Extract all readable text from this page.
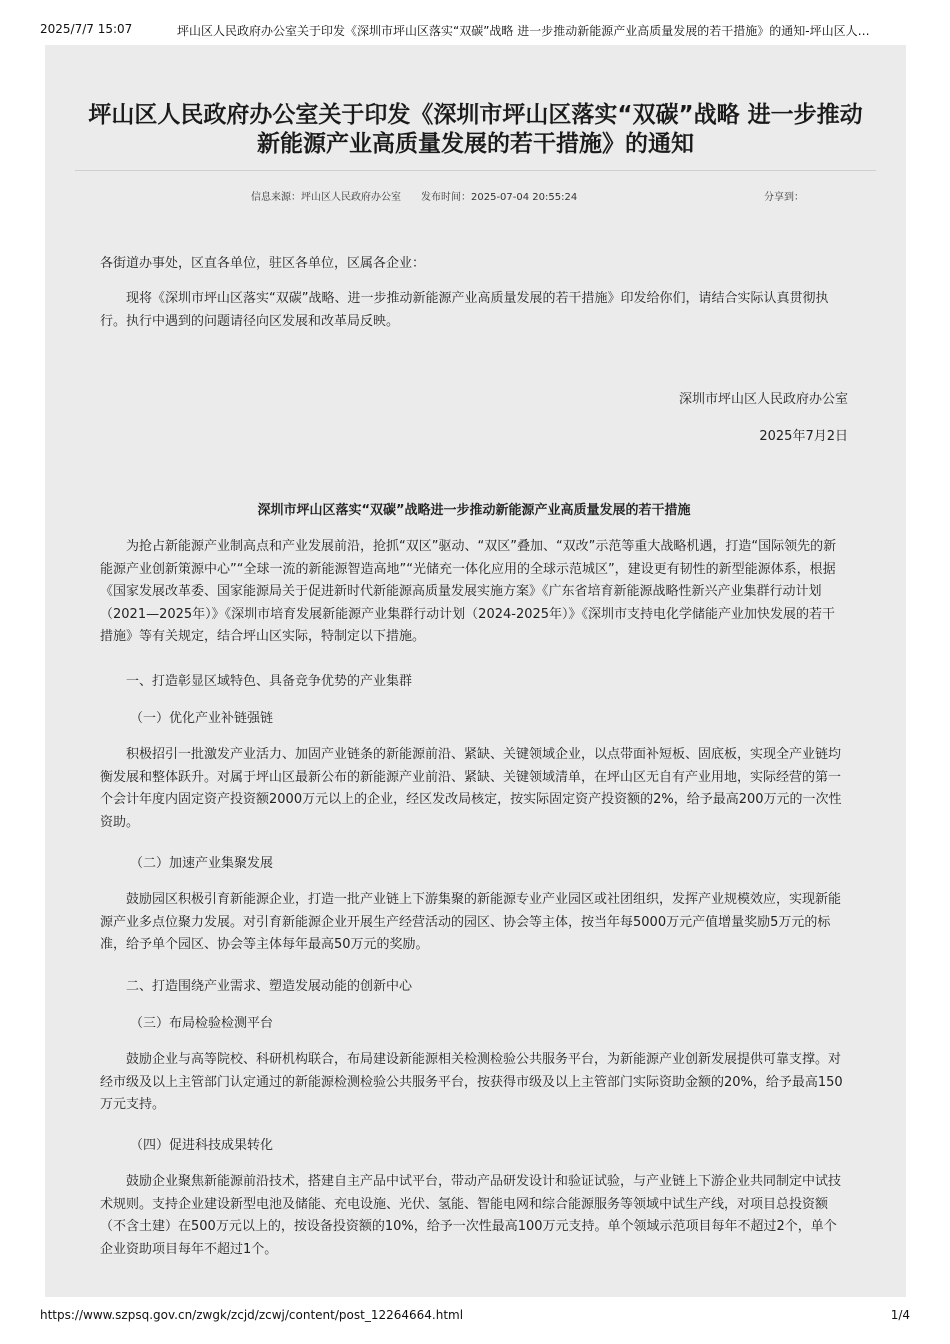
2025/7/7 15:07	坪山区人民政府办公室关于印发《深圳市坪山区落实“双碳”战略 进一步推动新能源产业高质量发展的若干措施》的通知-坪山区人…
坪山区人民政府办公室关于印发《深圳市坪山区落实“双碳”战略 进一步推动新能源产业高质量发展的若干措施》的通知
信息来源：坪山区人民政府办公室 发布时间：2025-07-04 20:55:24	分享到：

各街道办事处，区直各单位，驻区各单位，区属各企业：

现将《深圳市坪山区落实“双碳”战略、进一步推动新能源产业高质量发展的若干措施》印发给你们，请结合实际认真贯彻执行。执行中遇到的问题请径向区发展和改革局反映。

深圳市坪山区人民政府办公室

2025年7月2日

深圳市坪山区落实“双碳”战略进一步推动新能源产业高质量发展的若干措施

为抢占新能源产业制高点和产业发展前沿，抢抓“双区”驱动、“双区”叠加、“双改”示范等重大战略机遇，打造“国际领先的新能源产业创新策源中心”“全球一流的新能源智造高地”“光储充一体化应用的全球示范城区”，建设更有韧性的新型能源体系，根据《国家发展改革委、国家能源局关于促进新时代新能源高质量发展实施方案》《广东省培育新能源战略性新兴产业集群行动计划（2021—2025年）》《深圳市培育发展新能源产业集群行动计划（2024-2025年）》《深圳市支持电化学储能产业加快发展的若干措施》等有关规定，结合坪山区实际，特制定以下措施。

一、打造彰显区域特色、具备竞争优势的产业集群

（一）优化产业补链强链

积极招引一批激发产业活力、加固产业链条的新能源前沿、紧缺、关键领域企业，以点带面补短板、固底板，实现全产业链均衡发展和整体跃升。对属于坪山区最新公布的新能源产业前沿、紧缺、关键领域清单，在坪山区无自有产业用地，实际经营的第一个会计年度内固定资产投资额2000万元以上的企业，经区发改局核定，按实际固定资产投资额的2%，给予最高200万元的一次性资助。

（二）加速产业集聚发展

鼓励园区积极引育新能源企业，打造一批产业链上下游集聚的新能源专业产业园区或社团组织，发挥产业规模效应，实现新能源产业多点位聚力发展。对引育新能源企业开展生产经营活动的园区、协会等主体，按当年每5000万元产值增量奖励5万元的标准，给予单个园区、协会等主体每年最高50万元的奖励。

二、打造围绕产业需求、塑造发展动能的创新中心

（三）布局检验检测平台

鼓励企业与高等院校、科研机构联合，布局建设新能源相关检测检验公共服务平台，为新能源产业创新发展提供可靠支撑。对经市级及以上主管部门认定通过的新能源检测检验公共服务平台，按获得市级及以上主管部门实际资助金额的20%，给予最高150万元支持。

（四）促进科技成果转化

鼓励企业聚焦新能源前沿技术，搭建自主产品中试平台，带动产品研发设计和验证试验，与产业链上下游企业共同制定中试技术规则。支持企业建设新型电池及储能、充电设施、光伏、氢能、智能电网和综合能源服务等领域中试生产线，对项目总投资额（不含土建）在500万元以上的，按设备投资额的10%，给予一次性最高100万元支持。单个领域示范项目每年不超过2个，单个企业资助项目每年不超过1个。

https://www.szpsq.gov.cn/zwgk/zcjd/zcwj/content/post_12264664.html	1/4
